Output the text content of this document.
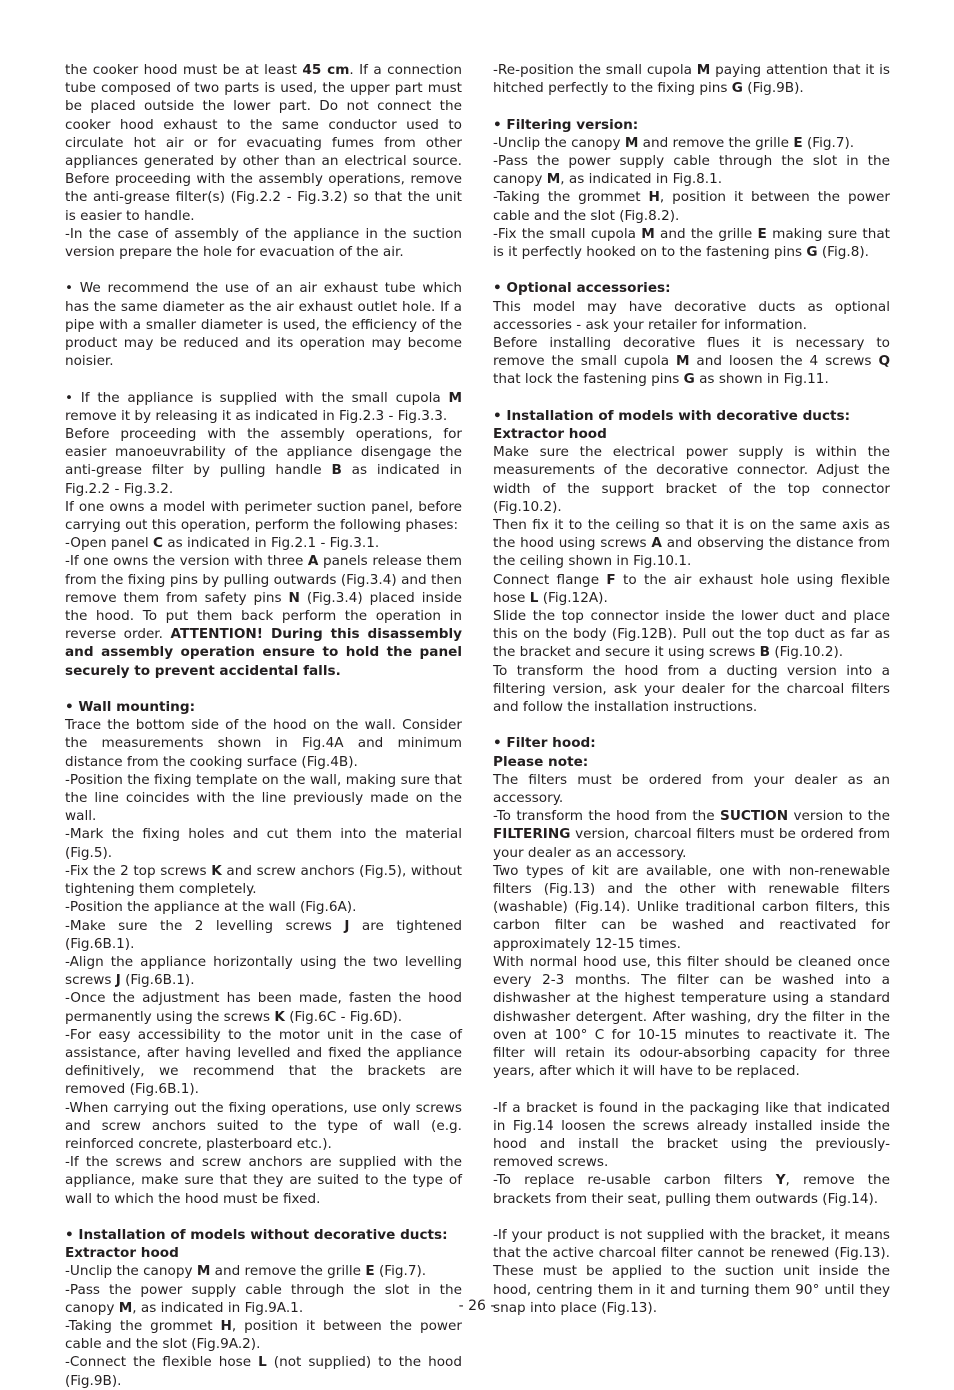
the cooker hood must be at least 45 cm. If a connection tube composed of two parts is used, the upper part must be placed outside the lower part. Do not connect the cooker hood exhaust to the same conductor used to circulate hot air or for evacuating fumes from other appliances generated by other than an electrical source. Before proceeding with the assembly operations, remove the anti-grease filter(s) (Fig.2.2 - Fig.3.2) so that the unit is easier to handle.
-In the case of assembly of the appliance in the suction version prepare the hole for evacuation of the air.
• We recommend the use of an air exhaust tube which has the same diameter as the air exhaust outlet hole. If a pipe with a smaller diameter is used, the efficiency of the product may be reduced and its operation may become noisier.
• If the appliance is supplied with the small cupola M remove it by releasing it as indicated in Fig.2.3 - Fig.3.3.
Before proceeding with the assembly operations, for easier manoeuvrability of the appliance disengage the anti-grease filter by pulling handle B as indicated in Fig.2.2 - Fig.3.2.
If one owns a model with perimeter suction panel, before carrying out this operation, perform the following phases:
-Open panel C as indicated in Fig.2.1 - Fig.3.1.
-If one owns the version with three A panels release them from the fixing pins by pulling outwards (Fig.3.4) and then remove them from safety pins N (Fig.3.4) placed inside the hood. To put them back perform the operation in reverse order. ATTENTION! During this disassembly and assembly operation ensure to hold the panel securely to prevent accidental falls.
• Wall mounting:
Trace the bottom side of the hood on the wall. Consider the measurements shown in Fig.4A and minimum distance from the cooking surface (Fig.4B).
-Position the fixing template on the wall, making sure that the line coincides with the line previously made on the wall.
-Mark the fixing holes and cut them into the material (Fig.5).
-Fix the 2 top screws K and screw anchors (Fig.5), without tightening them completely.
-Position the appliance at the wall (Fig.6A).
-Make sure the 2 levelling screws J are tightened (Fig.6B.1).
-Align the appliance horizontally using the two levelling screws J (Fig.6B.1).
-Once the adjustment has been made, fasten the hood permanently using the screws K (Fig.6C - Fig.6D).
-For easy accessibility to the motor unit in the case of assistance, after having levelled and fixed the appliance definitively, we recommend that the brackets are removed (Fig.6B.1).
-When carrying out the fixing operations, use only screws and screw anchors suited to the type of wall (e.g. reinforced concrete, plasterboard etc.).
-If the screws and screw anchors are supplied with the appliance, make sure that they are suited to the type of wall to which the hood must be fixed.
• Installation of models without decorative ducts:
Extractor hood
-Unclip the canopy M and remove the grille E (Fig.7).
-Pass the power supply cable through the slot in the canopy M, as indicated in Fig.9A.1.
-Taking the grommet H, position it between the power cable and the slot (Fig.9A.2).
-Connect the flexible hose L (not supplied) to the hood (Fig.9B).
-Re-position the small cupola M paying attention that it is hitched perfectly to the fixing pins G (Fig.9B).
• Filtering version:
-Unclip the canopy M and remove the grille E (Fig.7).
-Pass the power supply cable through the slot in the canopy M, as indicated in Fig.8.1.
-Taking the grommet H, position it between the power cable and the slot (Fig.8.2).
-Fix the small cupola M and the grille E making sure that is it perfectly hooked on to the fastening pins G (Fig.8).
• Optional accessories:
This model may have decorative ducts as optional accessories - ask your retailer for information.
Before installing decorative flues it is necessary to remove the small cupola M and loosen the 4 screws Q that lock the fastening pins G as shown in Fig.11.
• Installation of models with decorative ducts:
Extractor hood
Make sure the electrical power supply is within the measurements of the decorative connector. Adjust the width of the support bracket of the top connector (Fig.10.2).
Then fix it to the ceiling so that it is on the same axis as the hood using screws A and observing the distance from the ceiling shown in Fig.10.1.
Connect flange F to the air exhaust hole using flexible hose L (Fig.12A).
Slide the top connector inside the lower duct and place this on the body (Fig.12B). Pull out the top duct as far as the bracket and secure it using screws B (Fig.10.2).
To transform the hood from a ducting version into a filtering version, ask your dealer for the charcoal filters and follow the installation instructions.
• Filter hood:
Please note:
The filters must be ordered from your dealer as an accessory.
-To transform the hood from the SUCTION version to the FILTERING version, charcoal filters must be ordered from your dealer as an accessory.
Two types of kit are available, one with non-renewable filters (Fig.13) and the other with renewable filters (washable) (Fig.14). Unlike traditional carbon filters, this carbon filter can be washed and reactivated for approximately 12-15 times.
With normal hood use, this filter should be cleaned once every 2-3 months. The filter can be washed into a dishwasher at the highest temperature using a standard dishwasher detergent. After washing, dry the filter in the oven at 100° C for 10-15 minutes to reactivate it. The filter will retain its odour-absorbing capacity for three years, after which it will have to be replaced.
-If a bracket is found in the packaging like that indicated in Fig.14 loosen the screws already installed inside the hood and install the bracket using the previously-removed screws.
-To replace re-usable carbon filters Y, remove the brackets from their seat, pulling them outwards (Fig.14).
-If your product is not supplied with the bracket, it means that the active charcoal filter cannot be renewed (Fig.13). These must be applied to the suction unit inside the hood, centring them in it and turning them 90° until they snap into place (Fig.13).
- 26 -
